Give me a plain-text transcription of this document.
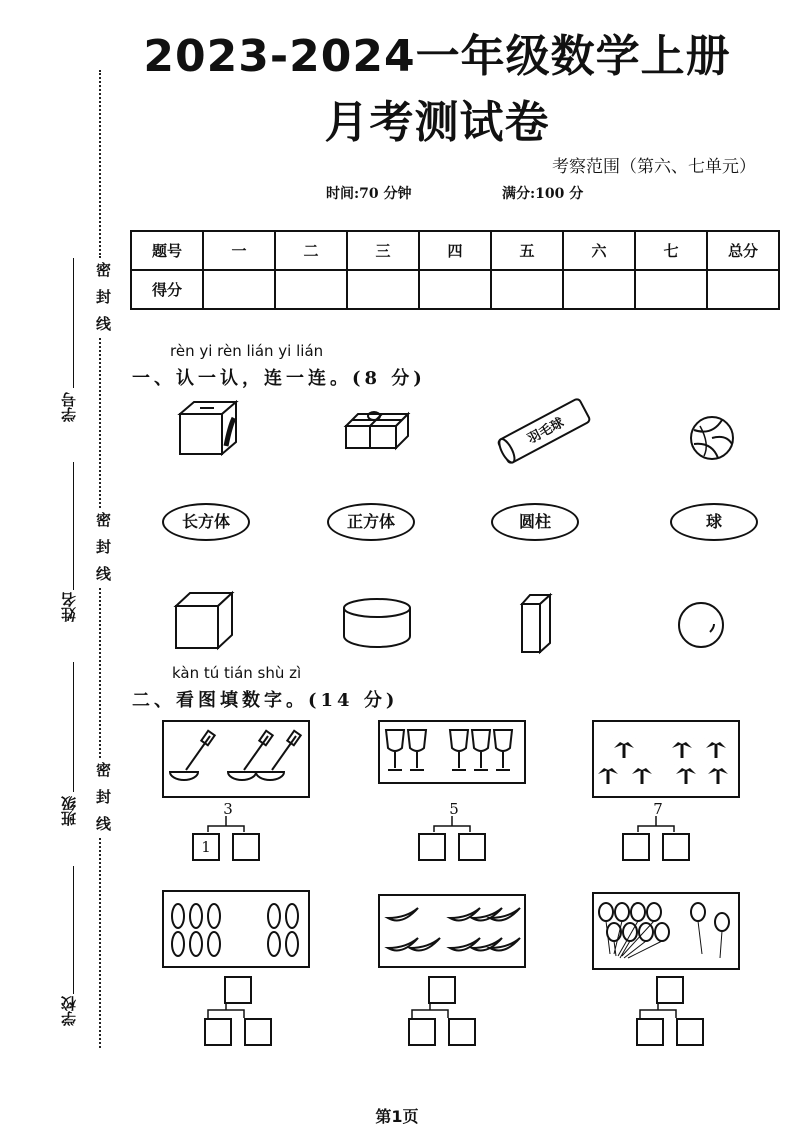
2023-2024一年级数学上册
月考测试卷
考察范围（第六、七单元）
时间:70 分钟	满分:100 分
题号	一	二	三	四	五	六	七	总分
得分								
密封线
密封线
密封线
学号
姓名
班级
学校
rèn yi rèn lián yi lián
一、认一认，连一连。(8 分)
羽毛球
长方体	正方体	圆柱	球
kàn tú tián shù zì
二、看图填数字。(14 分)
3
1
5	7
第1页
